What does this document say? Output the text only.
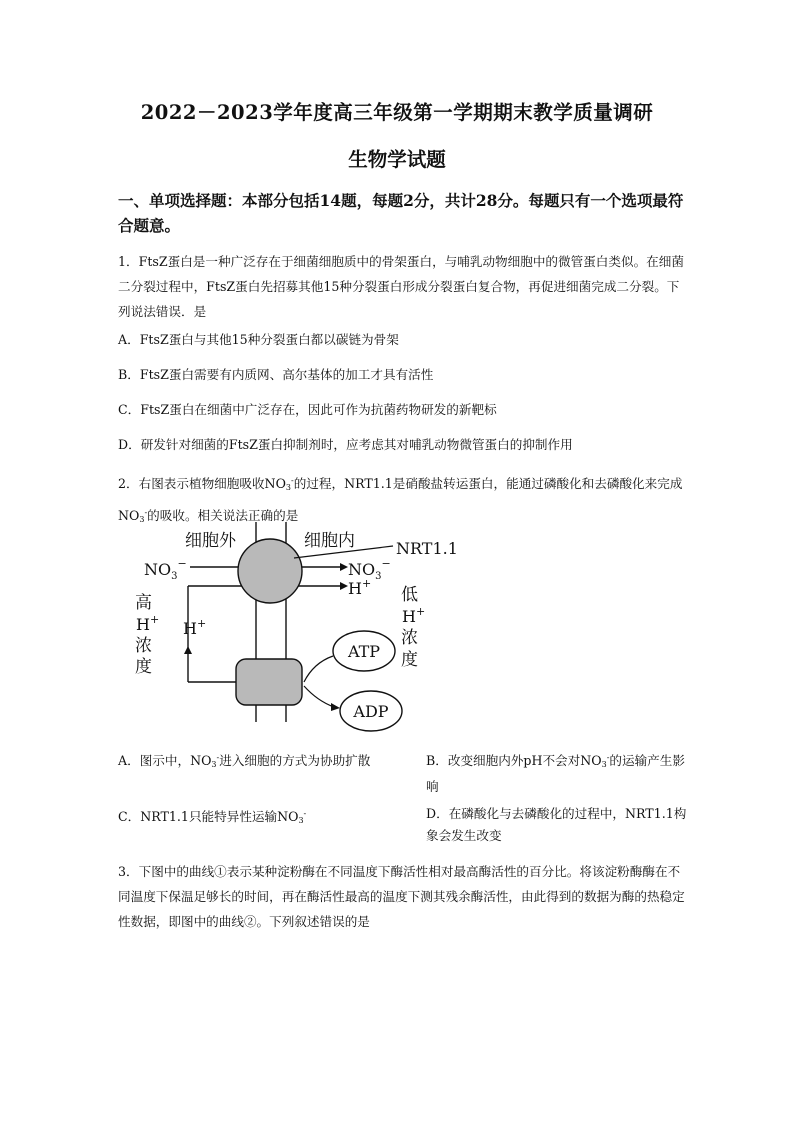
2022－2023学年度高三年级第一学期期末教学质量调研
生物学试题
一、单项选择题：本部分包括14题，每题2分，共计28分。每题只有一个选项最符合题意。
1．FtsZ蛋白是一种广泛存在于细菌细胞质中的骨架蛋白，与哺乳动物细胞中的微管蛋白类似。在细菌二分裂过程中，FtsZ蛋白先招募其他15种分裂蛋白形成分裂蛋白复合物，再促进细菌完成二分裂。下列说法错误．是
A．FtsZ蛋白与其他15种分裂蛋白都以碳链为骨架
B．FtsZ蛋白需要有内质网、高尔基体的加工才具有活性
C．FtsZ蛋白在细菌中广泛存在，因此可作为抗菌药物研发的新靶标
D．研发针对细菌的FtsZ蛋白抑制剂时，应考虑其对哺乳动物微管蛋白的抑制作用
2．右图表示植物细胞吸收NO3-的过程，NRT1.1是硝酸盐转运蛋白，能通过磷酸化和去磷酸化来完成NO3-的吸收。相关说法正确的是
细胞外	细胞内	NRT1.1
$NO_3^-$	$NO_3^-$
H+
H+
高
H+
浓
度
低
H+
浓
度
ATP
ADP
A．图示中，NO3-进入细胞的方式为协助扩散	B．改变细胞内外pH不会对NO3-的运输产生影响
C．NRT1.1只能特异性运输NO3-	D．在磷酸化与去磷酸化的过程中，NRT1.1构象会发生改变
3．下图中的曲线①表示某种淀粉酶在不同温度下酶活性相对最高酶活性的百分比。将该淀粉酶酶在不同温度下保温足够长的时间，再在酶活性最高的温度下测其残余酶活性，由此得到的数据为酶的热稳定性数据，即图中的曲线②。下列叙述错误的是
